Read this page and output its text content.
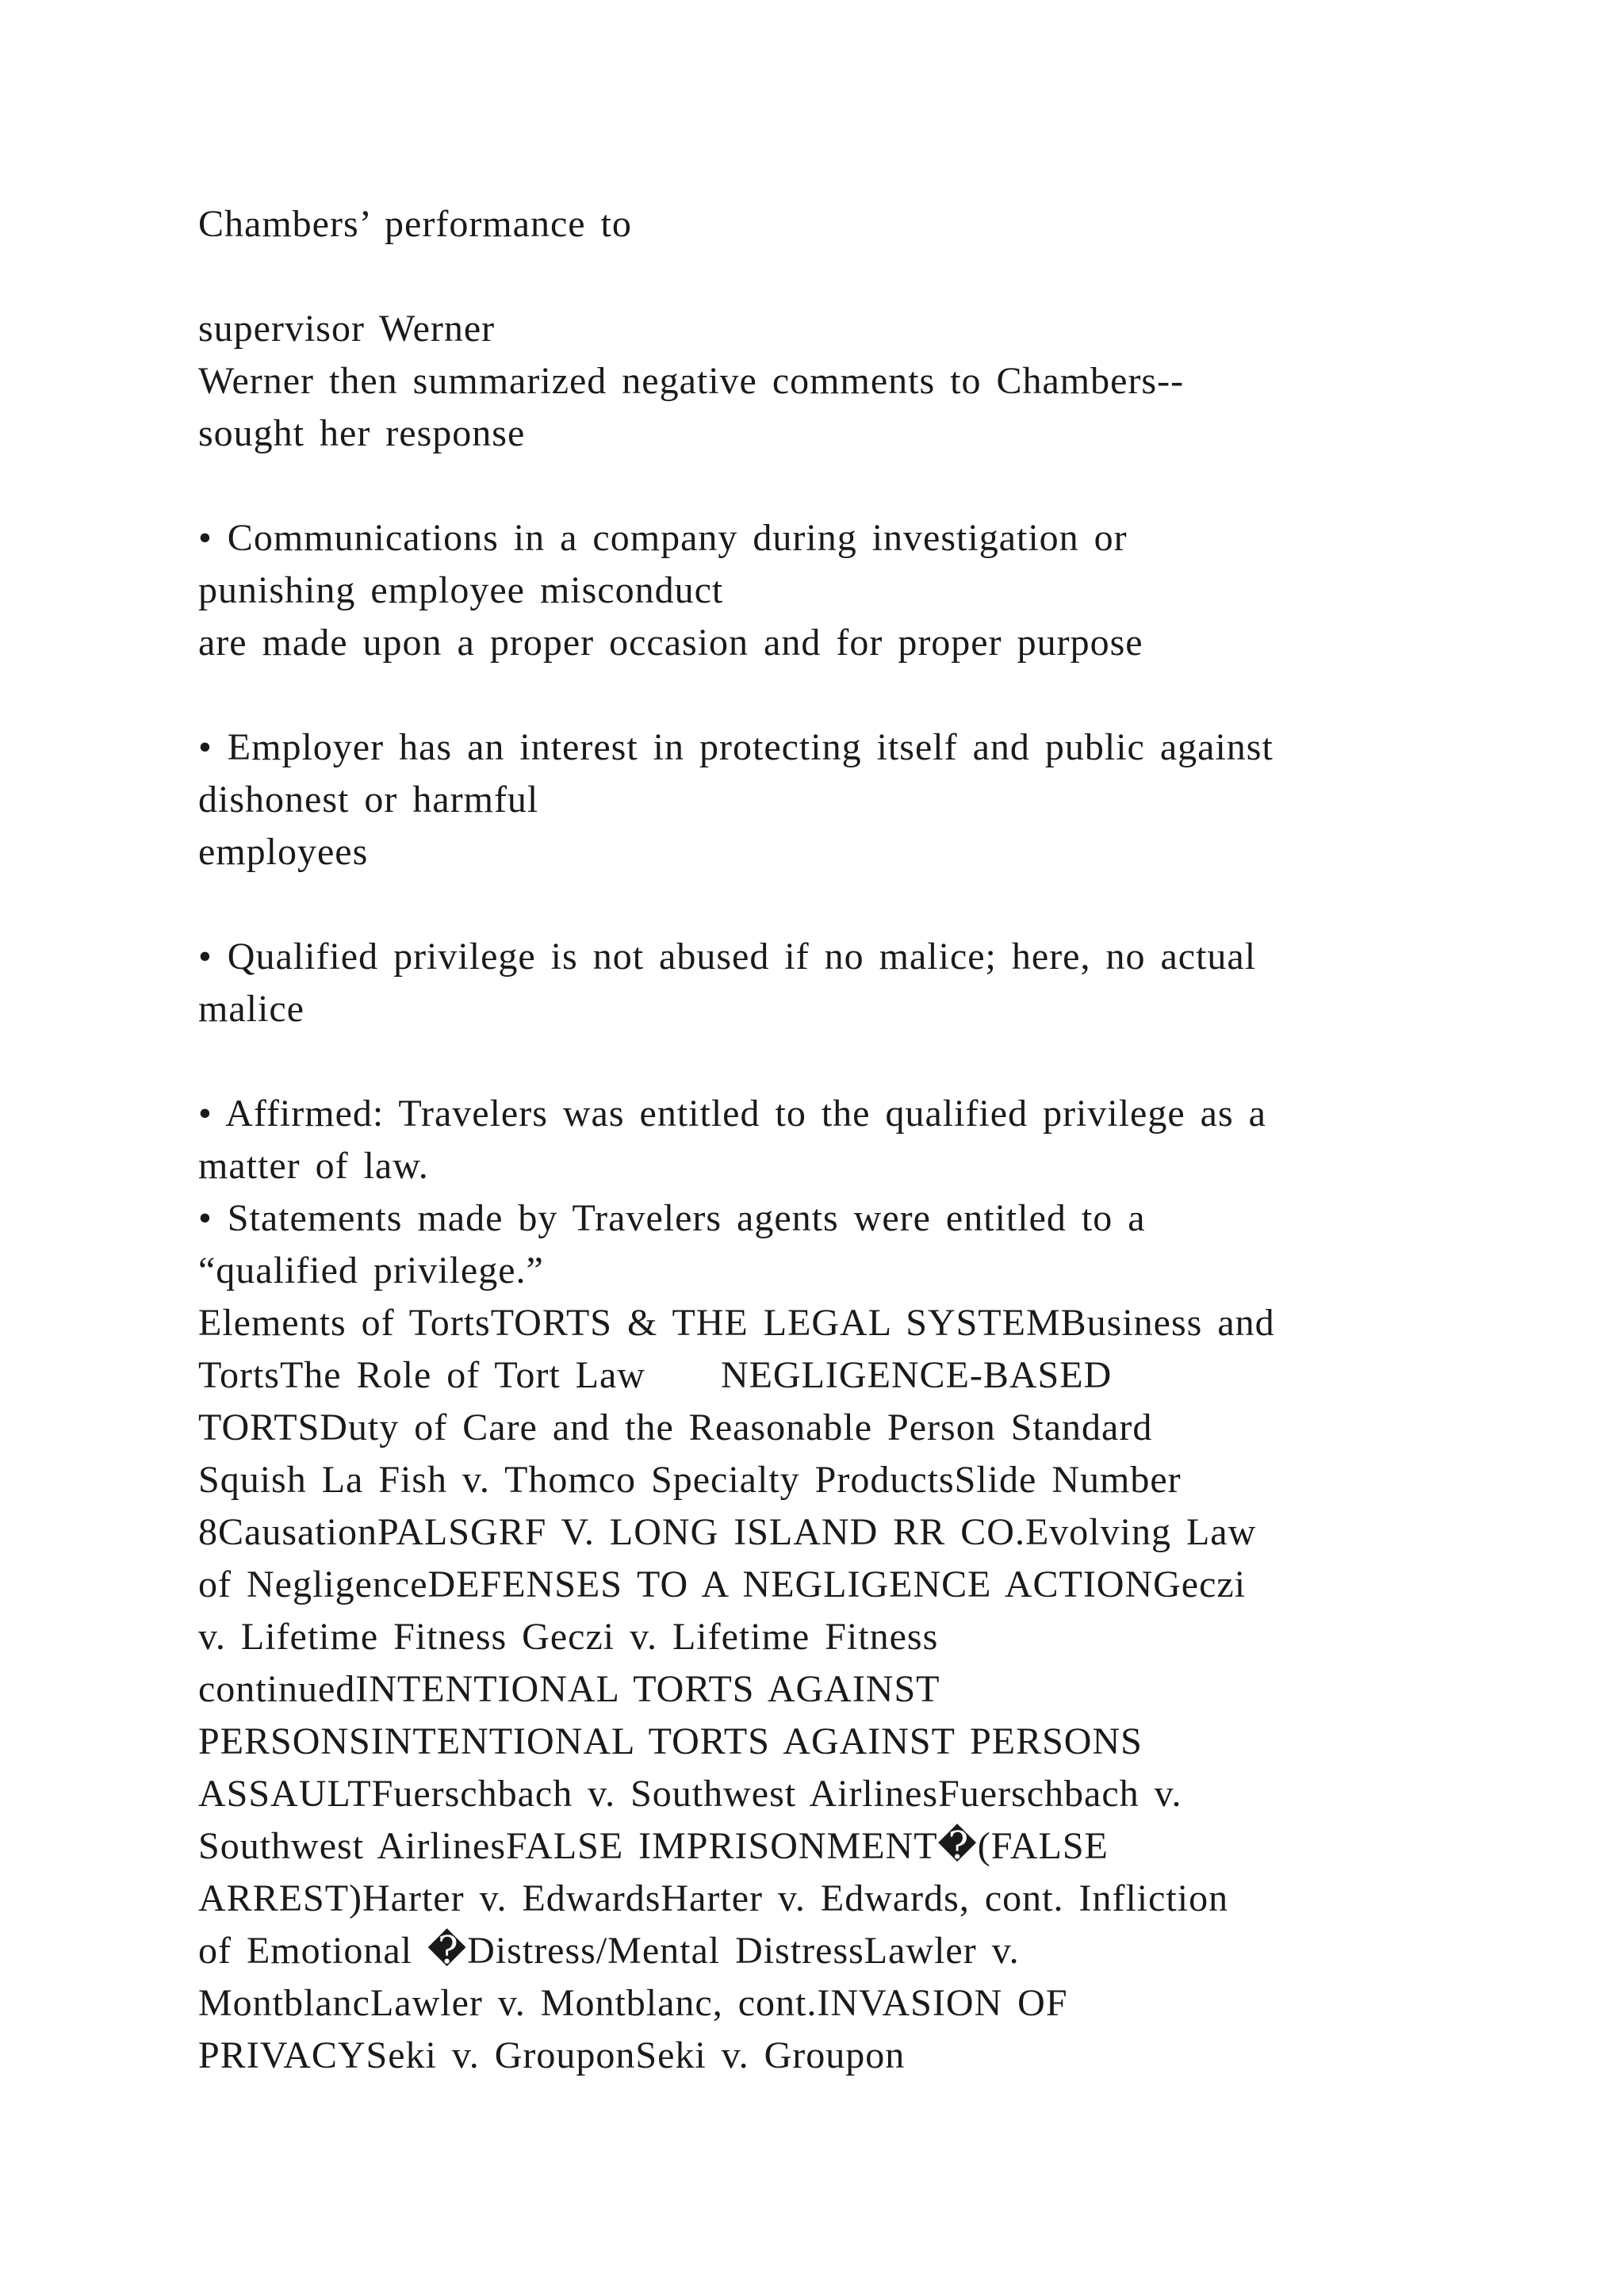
Chambers’ performance to
supervisor Werner
Werner then summarized negative comments to Chambers--
sought her response
• Communications in a company during investigation or
punishing employee misconduct
are made upon a proper occasion and for proper purpose
• Employer has an interest in protecting itself and public against
dishonest or harmful
employees
• Qualified privilege is not abused if no malice; here, no actual
malice
• Affirmed: Travelers was entitled to the qualified privilege as a
matter of law.
• Statements made by Travelers agents were entitled to a
“qualified privilege.”
Elements of TortsTORTS & THE LEGAL SYSTEMBusiness and
TortsThe Role of Tort Law     NEGLIGENCE-BASED
TORTSDuty of Care and the Reasonable Person Standard
Squish La Fish v. Thomco Specialty ProductsSlide Number
8CausationPALSGRF V. LONG ISLAND RR CO.Evolving Law
of NegligenceDEFENSES TO A NEGLIGENCE ACTIONGeczi
v. Lifetime Fitness Geczi v. Lifetime Fitness
continuedINTENTIONAL TORTS AGAINST
PERSONSINTENTIONAL TORTS AGAINST PERSONS
ASSAULTFuerschbach v. Southwest AirlinesFuerschbach v.
Southwest AirlinesFALSE IMPRISONMENT�(FALSE
ARREST)Harter v. EdwardsHarter v. Edwards, cont. Infliction
of Emotional �Distress/Mental DistressLawler v.
MontblancLawler v. Montblanc, cont.INVASION OF
PRIVACYSeki v. GrouponSeki v. Groupon
